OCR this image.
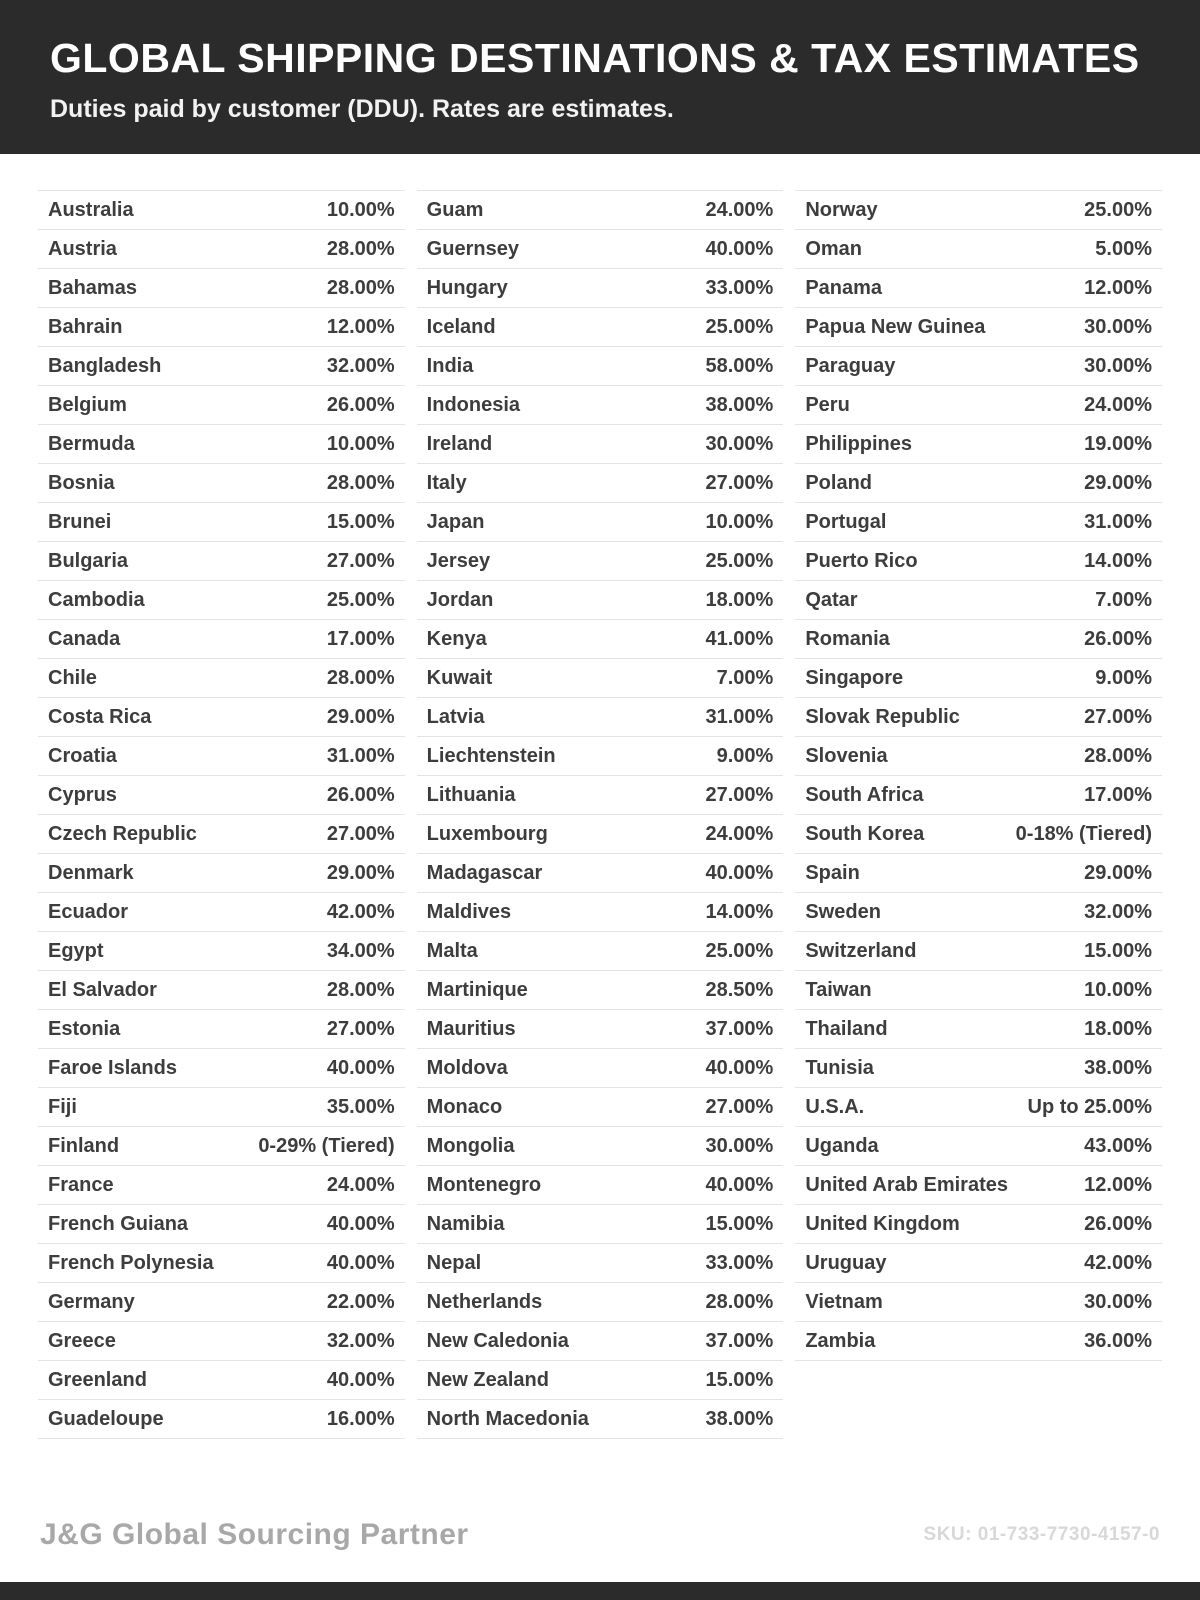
GLOBAL SHIPPING DESTINATIONS & TAX ESTIMATES

Duties paid by customer (DDU). Rates are estimates.

Australia	10.00%
Austria	28.00%
Bahamas	28.00%
Bahrain	12.00%
Bangladesh	32.00%
Belgium	26.00%
Bermuda	10.00%
Bosnia	28.00%
Brunei	15.00%
Bulgaria	27.00%
Cambodia	25.00%
Canada	17.00%
Chile	28.00%
Costa Rica	29.00%
Croatia	31.00%
Cyprus	26.00%
Czech Republic	27.00%
Denmark	29.00%
Ecuador	42.00%
Egypt	34.00%
El Salvador	28.00%
Estonia	27.00%
Faroe Islands	40.00%
Fiji	35.00%
Finland	0-29% (Tiered)
France	24.00%
French Guiana	40.00%
French Polynesia	40.00%
Germany	22.00%
Greece	32.00%
Greenland	40.00%
Guadeloupe	16.00%
Guam	24.00%
Guernsey	40.00%
Hungary	33.00%
Iceland	25.00%
India	58.00%
Indonesia	38.00%
Ireland	30.00%
Italy	27.00%
Japan	10.00%
Jersey	25.00%
Jordan	18.00%
Kenya	41.00%
Kuwait	7.00%
Latvia	31.00%
Liechtenstein	9.00%
Lithuania	27.00%
Luxembourg	24.00%
Madagascar	40.00%
Maldives	14.00%
Malta	25.00%
Martinique	28.50%
Mauritius	37.00%
Moldova	40.00%
Monaco	27.00%
Mongolia	30.00%
Montenegro	40.00%
Namibia	15.00%
Nepal	33.00%
Netherlands	28.00%
New Caledonia	37.00%
New Zealand	15.00%
North Macedonia	38.00%
Norway	25.00%
Oman	5.00%
Panama	12.00%
Papua New Guinea	30.00%
Paraguay	30.00%
Peru	24.00%
Philippines	19.00%
Poland	29.00%
Portugal	31.00%
Puerto Rico	14.00%
Qatar	7.00%
Romania	26.00%
Singapore	9.00%
Slovak Republic	27.00%
Slovenia	28.00%
South Africa	17.00%
South Korea	0-18% (Tiered)
Spain	29.00%
Sweden	32.00%
Switzerland	15.00%
Taiwan	10.00%
Thailand	18.00%
Tunisia	38.00%
U.S.A.	Up to 25.00%
Uganda	43.00%
United Arab Emirates	12.00%
United Kingdom	26.00%
Uruguay	42.00%
Vietnam	30.00%
Zambia	36.00%
J&G Global Sourcing Partner	SKU: 01-733-7730-4157-0
